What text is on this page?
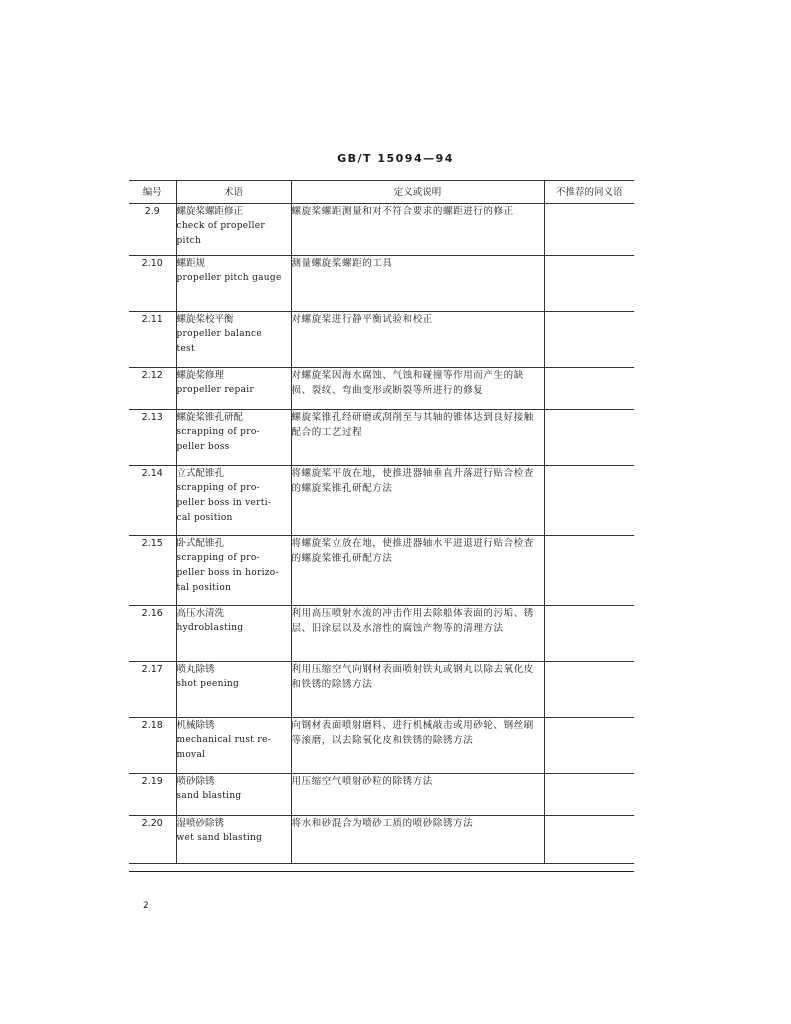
GB/T 15094—94
编号	术语	定义或说明	不推荐的同义语
2.9	螺旋桨螺距修正
check of propeller
pitch	螺旋桨螺距测量和对不符合要求的螺距进行的修正	
2.10	螺距规
propeller pitch gauge	测量螺旋桨螺距的工具	
2.11	螺旋桨校平衡
propeller balance
test	对螺旋桨进行静平衡试验和校正	
2.12	螺旋桨修理
propeller repair	对螺旋桨因海水腐蚀、气蚀和碰撞等作用而产生的缺损、裂纹、弯曲变形或断裂等所进行的修复	
2.13	螺旋桨锥孔研配
scrapping of pro-
peller boss	螺旋桨锥孔经研磨或刮削至与其轴的锥体达到良好接触配合的工艺过程	
2.14	立式配锥孔
scrapping of pro-
peller boss in verti-
cal position	将螺旋桨平放在地，使推进器轴垂直升落进行贴合检查的螺旋桨锥孔研配方法	
2.15	卧式配锥孔
scrapping of pro-
peller boss in horizo-
tal position	将螺旋桨立放在地，使推进器轴水平进退进行贴合检查的螺旋桨锥孔研配方法	
2.16	高压水清洗
hydroblasting	利用高压喷射水流的冲击作用去除船体表面的污垢、锈层、旧涂层以及水溶性的腐蚀产物等的清理方法	
2.17	喷丸除锈
shot peening	利用压缩空气向钢材表面喷射铁丸或钢丸以除去氧化皮和铁锈的除锈方法	
2.18	机械除锈
mechanical rust re-
moval	向钢材表面喷射磨料、进行机械敲击或用砂轮、钢丝刷等滚磨，以去除氧化皮和铁锈的除锈方法	
2.19	喷砂除锈
sand blasting	用压缩空气喷射砂粒的除锈方法	
2.20	湿喷砂除锈
wet sand blasting	将水和砂混合为喷砂工质的喷砂除锈方法	
2
